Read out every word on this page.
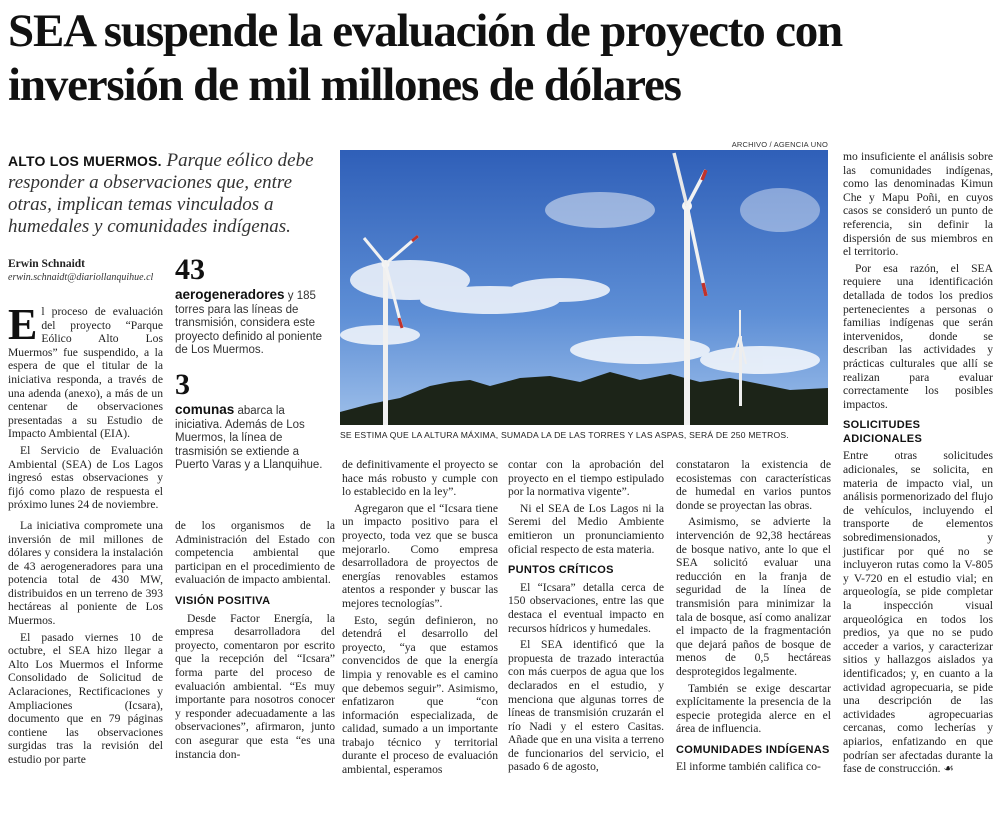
SEA suspende la evaluación de proyecto con inversión de mil millones de dólares
ARCHIVO / AGENCIA UNO
ALTO LOS MUERMOS. Parque eólico debe responder a observaciones que, entre otras, implican temas vinculados a humedales y comunidades indígenas.
Erwin Schnaidt
erwin.schnaidt@diariollanquihue.cl 43
aerogeneradores y 185 torres para las líneas de transmisión, considera este proyecto definido al poniente de Los Muermos.
3
comunas abarca la iniciativa. Además de Los Muermos, la línea de trasmisión se extiende a Puerto Varas y a Llanquihue.
SE ESTIMA QUE LA ALTURA MÁXIMA, SUMADA LA DE LAS TORRES Y LAS ASPAS, SERÁ DE 250 METROS.

El proceso de evaluación del proyecto “Parque Eólico Alto Los Muermos” fue suspendido, a la espera de que el titular de la iniciativa responda, a través de una adenda (anexo), a más de un centenar de observaciones presentadas a su Estudio de Impacto Ambiental (EIA).

El Servicio de Evaluación Ambiental (SEA) de Los Lagos ingresó estas observaciones y fijó como plazo de respuesta el próximo lunes 24 de noviembre.

La iniciativa compromete una inversión de mil millones de dólares y considera la instalación de 43 aerogeneradores para una potencia total de 430 MW, distribuidos en un terreno de 393 hectáreas al poniente de Los Muermos.

El pasado viernes 10 de octubre, el SEA hizo llegar a Alto Los Muermos el Informe Consolidado de Solicitud de Aclaraciones, Rectificaciones y Ampliaciones (Icsara), documento que en 79 páginas contiene las observaciones surgidas tras la revisión del estudio por parte

de los organismos de la Administración del Estado con competencia ambiental que participan en el procedimiento de evaluación de impacto ambiental.

VISIÓN POSITIVA

Desde Factor Energía, la empresa desarrolladora del proyecto, comentaron por escrito que la recepción del “Icsara” forma parte del proceso de evaluación ambiental. “Es muy importante para nosotros conocer y responder adecuadamente a las observaciones”, afirmaron, junto con asegurar que esta “es una instancia don-

de definitivamente el proyecto se hace más robusto y cumple con lo establecido en la ley”.

Agregaron que el “Icsara tiene un impacto positivo para el proyecto, toda vez que se busca mejorarlo. Como empresa desarrolladora de proyectos de energías renovables estamos atentos a responder y buscar las mejores tecnologías”.

Esto, según definieron, no detendrá el desarrollo del proyecto, “ya que estamos convencidos de que la energía limpia y renovable es el camino que debemos seguir”. Asimismo, enfatizaron que “con información especializada, de calidad, sumado a un importante trabajo técnico y territorial durante el proceso de evaluación ambiental, esperamos

contar con la aprobación del proyecto en el tiempo estipulado por la normativa vigente”.

Ni el SEA de Los Lagos ni la Seremi del Medio Ambiente emitieron un pronunciamiento oficial respecto de esta materia.

PUNTOS CRÍTICOS

El “Icsara” detalla cerca de 150 observaciones, entre las que destaca el eventual impacto en recursos hídricos y humedales.

El SEA identificó que la propuesta de trazado interactúa con más cuerpos de agua que los declarados en el estudio, y menciona que algunas torres de líneas de transmisión cruzarán el río Nadi y el estero Casitas. Añade que en una visita a terreno de funcionarios del servicio, el pasado 6 de agosto,

constataron la existencia de ecosistemas con características de humedal en varios puntos donde se proyectan las obras.

Asimismo, se advierte la intervención de 92,38 hectáreas de bosque nativo, ante lo que el SEA solicitó evaluar una reducción en la franja de seguridad de la línea de transmisión para minimizar la tala de bosque, así como analizar el impacto de la fragmentación que dejará paños de bosque de menos de 0,5 hectáreas desprotegidos legalmente.

También se exige descartar explícitamente la presencia de la especie protegida alerce en el área de influencia.

COMUNIDADES INDÍGENAS

El informe también califica co-

mo insuficiente el análisis sobre las comunidades indígenas, como las denominadas Kimun Che y Mapu Poñi, en cuyos casos se consideró un punto de referencia, sin definir la dispersión de sus miembros en el territorio.

Por esa razón, el SEA requiere una identificación detallada de todos los predios pertenecientes a personas o familias indígenas que serán intervenidos, donde se describan las actividades y prácticas culturales que allí se realizan para evaluar correctamente los posibles impactos.

SOLICITUDES ADICIONALES

Entre otras solicitudes adicionales, se solicita, en materia de impacto vial, un análisis pormenorizado del flujo de vehículos, incluyendo el transporte de elementos sobredimensionados, y justificar por qué no se incluyeron rutas como la V-805 y V-720 en el estudio vial; en arqueología, se pide completar la inspección visual arqueológica en todos los predios, ya que no se pudo acceder a varios, y caracterizar sitios y hallazgos aislados ya identificados; y, en cuanto a la actividad agropecuaria, se pide una descripción de las actividades agropecuarias cercanas, como lecherías y apiarios, enfatizando en que podrían ser afectadas durante la fase de construcción. ☙
